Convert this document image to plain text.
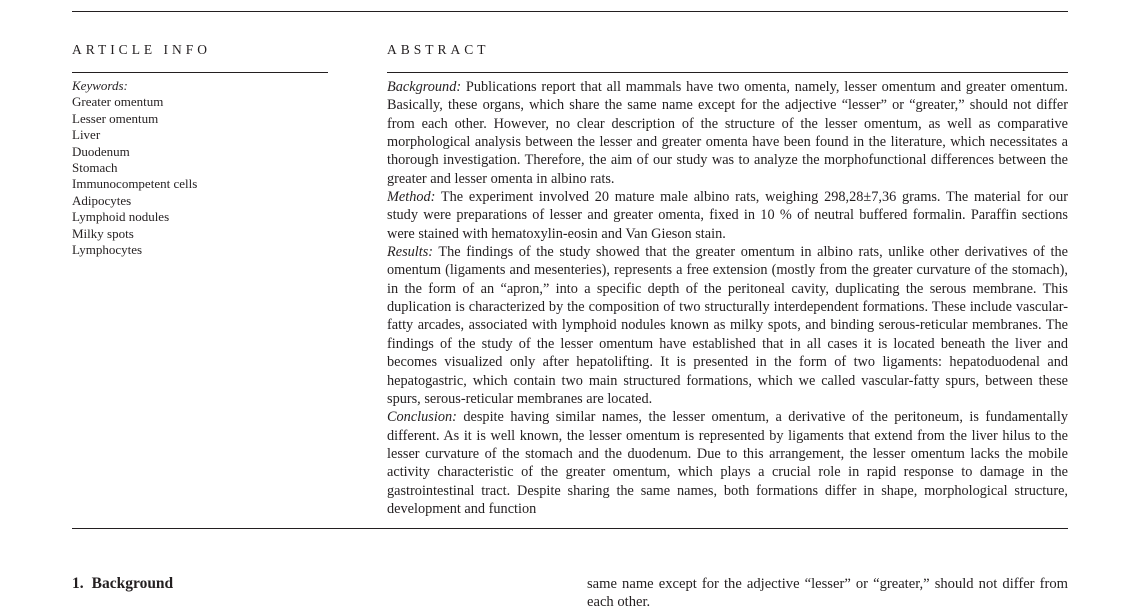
ARTICLE INFO	ABSTRACT
Keywords:
Greater omentum
Lesser omentum
Liver
Duodenum
Stomach
Immunocompetent cells
Adipocytes
Lymphoid nodules
Milky spots
Lymphocytes

Background: Publications report that all mammals have two omenta, namely, lesser omentum and greater omentum. Basically, these organs, which share the same name except for the adjective “lesser” or “greater,” should not differ from each other. However, no clear description of the structure of the lesser omentum, as well as comparative morphological analysis between the lesser and greater omenta have been found in the literature, which necessitates a thorough investigation. Therefore, the aim of our study was to analyze the morphofunctional differences between the greater and lesser omenta in albino rats.

Method: The experiment involved 20 mature male albino rats, weighing 298,28±7,36 grams. The material for our study were preparations of lesser and greater omenta, fixed in 10 % of neutral buffered formalin. Paraffin sections were stained with hematoxylin-eosin and Van Gieson stain.

Results: The findings of the study showed that the greater omentum in albino rats, unlike other derivatives of the omentum (ligaments and mesenteries), represents a free extension (mostly from the greater curvature of the stomach), in the form of an “apron,” into a specific depth of the peritoneal cavity, duplicating the serous membrane. This duplication is characterized by the composition of two structurally interdependent formations. These include vascular-fatty arcades, associated with lymphoid nodules known as milky spots, and binding serous-reticular membranes. The findings of the study of the lesser omentum have established that in all cases it is located beneath the liver and becomes visualized only after hepatolifting. It is presented in the form of two ligaments: hepatoduodenal and hepatogastric, which contain two main structured formations, which we called vascular-fatty spurs, between these spurs, serous-reticular membranes are located.

Conclusion: despite having similar names, the lesser omentum, a derivative of the peritoneum, is fundamentally different. As it is well known, the lesser omentum is represented by ligaments that extend from the liver hilus to the lesser curvature of the stomach and the duodenum. Due to this arrangement, the lesser omentum lacks the mobile activity characteristic of the greater omentum, which plays a crucial role in rapid response to damage in the gastrointestinal tract. Despite sharing the same names, both formations differ in shape, morphological structure, development and function

1. Background	same name except for the adjective “lesser” or “greater,” should not differ from each other.
